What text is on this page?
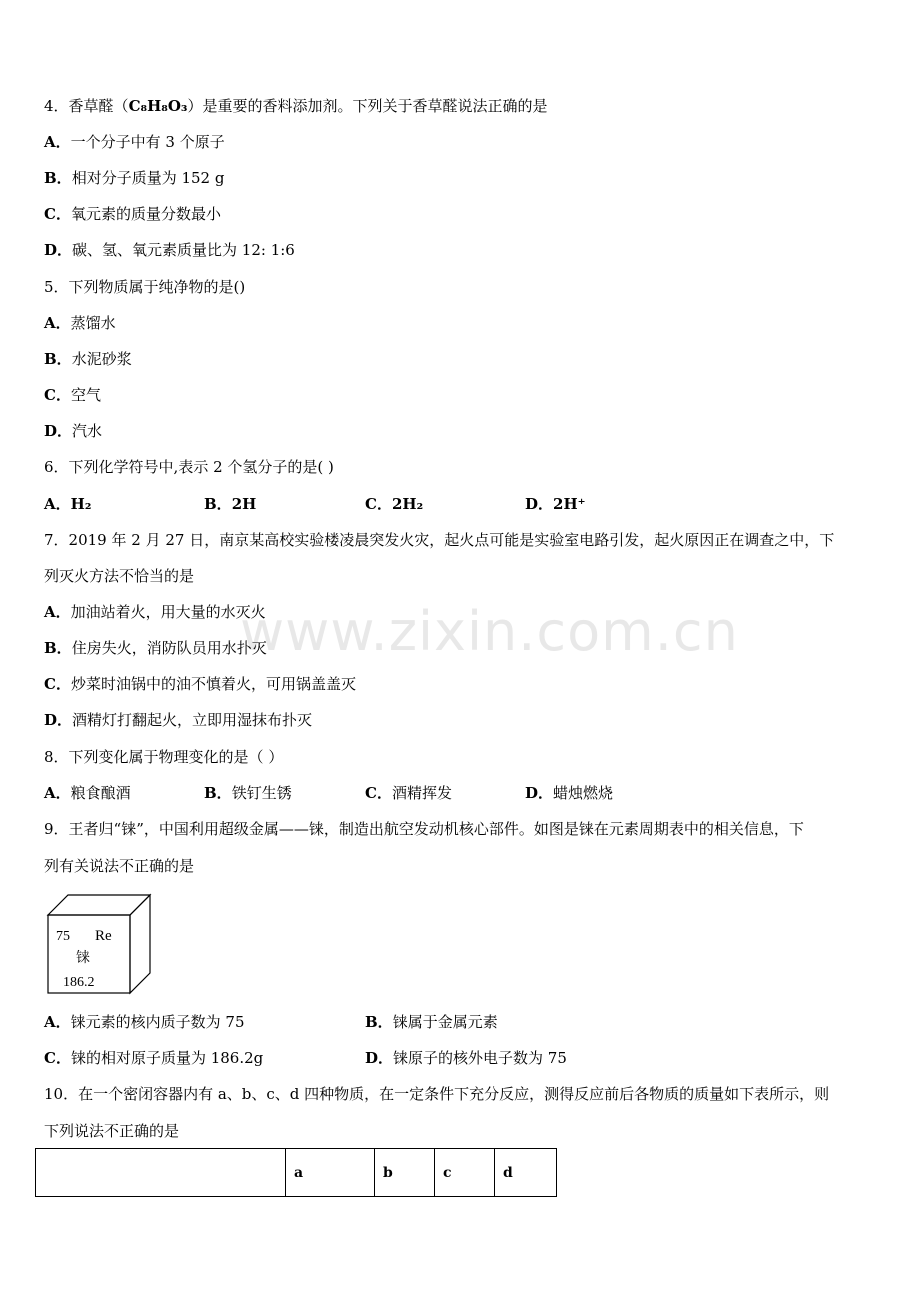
www.zixin.com.cn
4．香草醛（C₈H₈O₃）是重要的香料添加剂。下列关于香草醛说法正确的是
A．一个分子中有 3 个原子
B．相对分子质量为 152 g
C．氧元素的质量分数最小
D．碳、氢、氧元素质量比为 12: 1:6
5．下列物质属于纯净物的是()
A．蒸馏水
B．水泥砂浆
C．空气
D．汽水
6．下列化学符号中,表示 2 个氢分子的是( )
A．H₂	B．2H	C．2H₂	D．2H⁺
7．2019 年 2 月 27 日，南京某高校实验楼凌晨突发火灾，起火点可能是实验室电路引发，起火原因正在调查之中，下
列灭火方法不恰当的是
A．加油站着火，用大量的水灭火
B．住房失火，消防队员用水扑灭
C．炒菜时油锅中的油不慎着火，可用锅盖盖灭
D．酒精灯打翻起火，立即用湿抹布扑灭
8．下列变化属于物理变化的是（ ）
A．粮食酿酒	B．铁钉生锈	C．酒精挥发	D．蜡烛燃烧
9．王者归“铼”，中国利用超级金属——铼，制造出航空发动机核心部件。如图是铼在元素周期表中的相关信息，下
列有关说法不正确的是
75 Re
铼
186.2
A．铼元素的核内质子数为 75	B．铼属于金属元素
C．铼的相对原子质量为 186.2g	D．铼原子的核外电子数为 75
10．在一个密闭容器内有 a、b、c、d 四种物质，在一定条件下充分反应，测得反应前后各物质的质量如下表所示，则
下列说法不正确的是
	a	b	c	d
